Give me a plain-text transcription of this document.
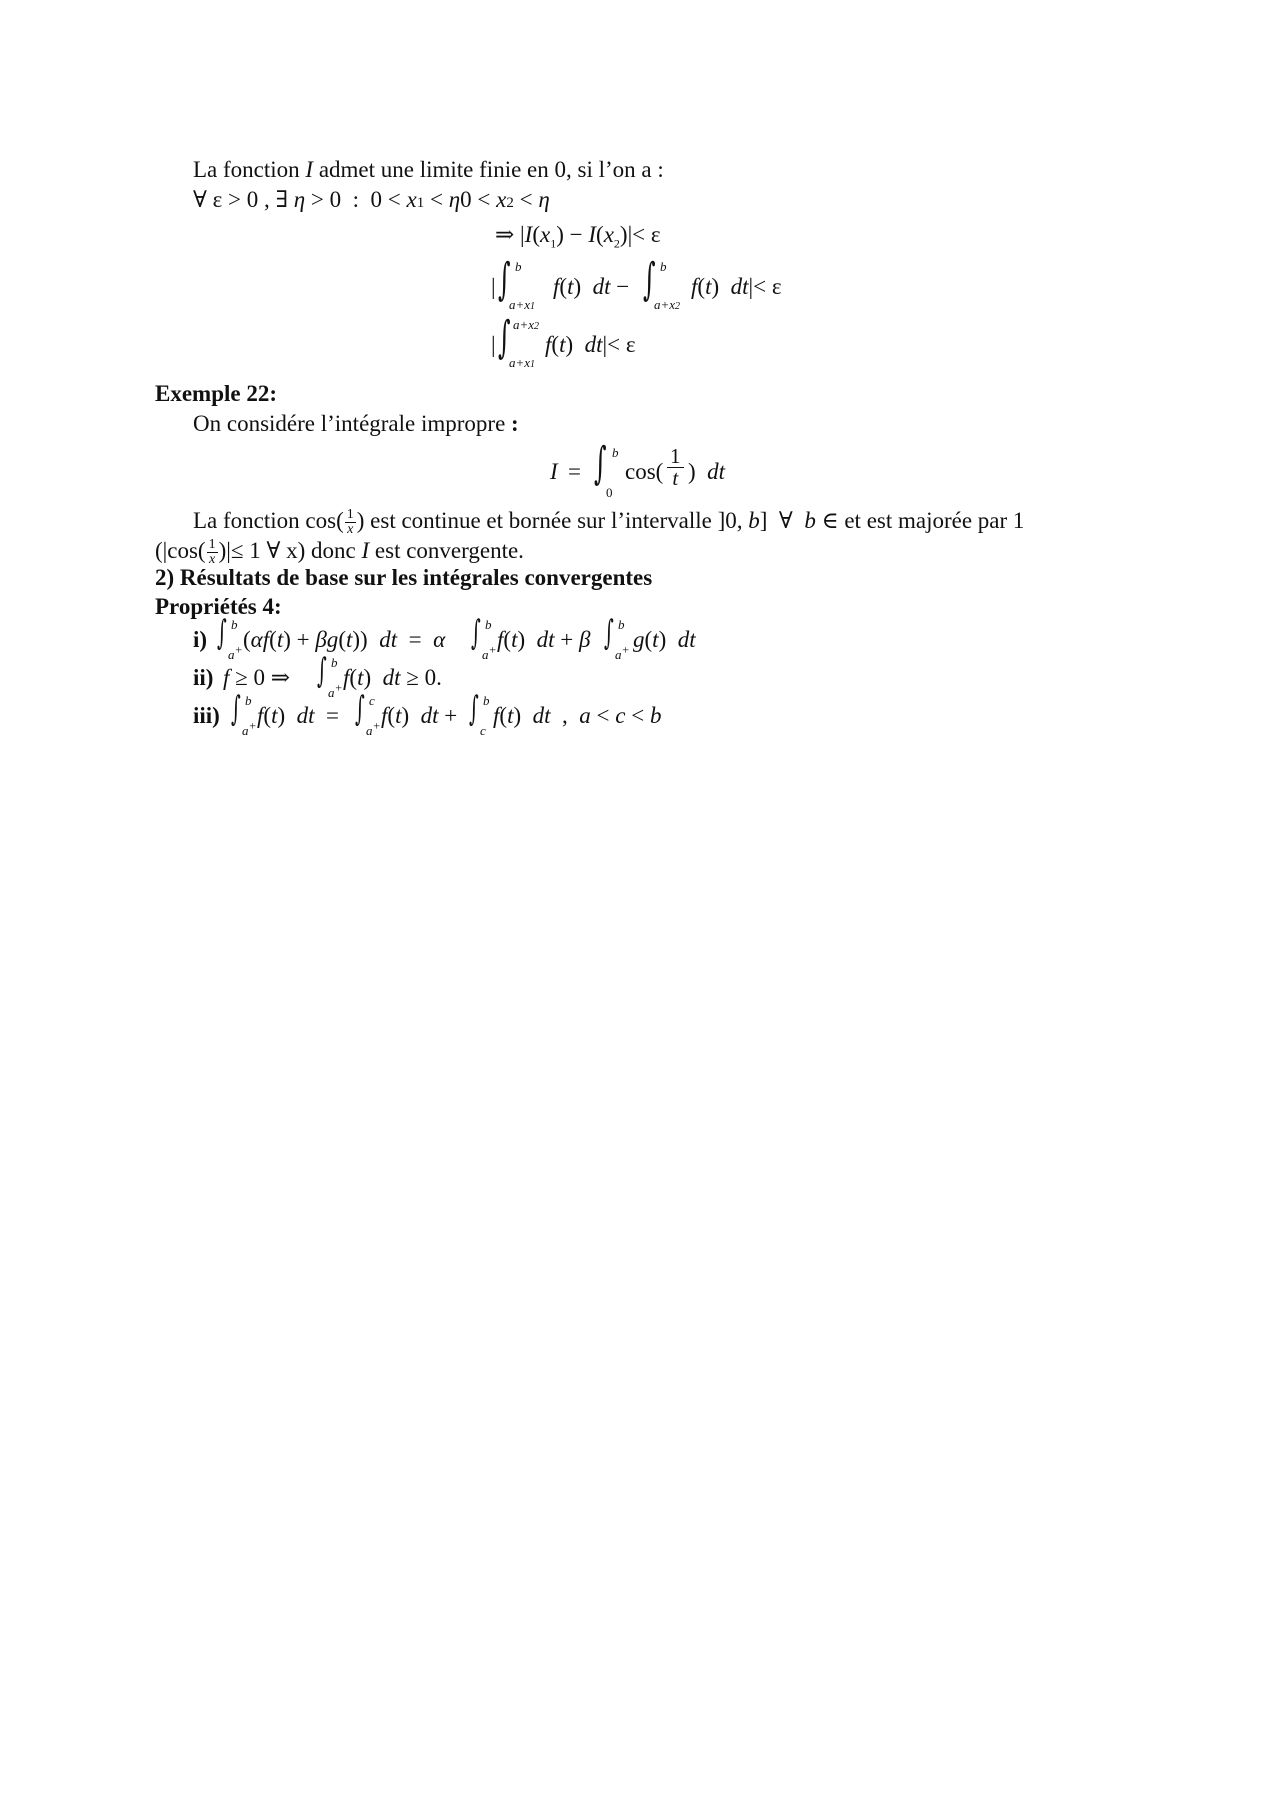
La fonction I admet une limite finie en 0, si l’on a :
∀ ε > 0 , ∃ η > 0  :  0 < x1 < η0 < x2 < η
⇒ $|I(x_1) - I(x_2)|< \varepsilon$
| ∫ b
a+x1
f(t)  dt − ∫ b
a+x2
f(t)  dt|< ε
| ∫ a+x2
a+x1
f(t)  dt|< ε
Exemple 22:
On considére l’intégrale impropre :
I = ∫ b
0
$\cos( \frac{1}{t}$ )  dt
La fonction $\cos( \frac{1}{x}$ ) est continue et bornée sur l’intervalle ]0, b]  ∀  b ∈ et est majorée par 1
($|\cos( \frac{1}{x}$ )|≤ 1 ∀ x) donc I est convergente.
2) Résultats de base sur les intégrales convergentes
Propriétés 4:
i) ∫ b
a+ (αf(t) + βg(t))  dt  =  α ∫ b
a+ f(t)  dt + β ∫ b
a+ g(t)  dt
ii) f ≥ 0 ⇒ ∫ b
a+ f(t)  dt ≥ 0.
iii) ∫ b
a+ f(t)  dt  = ∫ c
a+ f(t)  dt + ∫ b
c
f(t)  dt  ,  a < c < b
